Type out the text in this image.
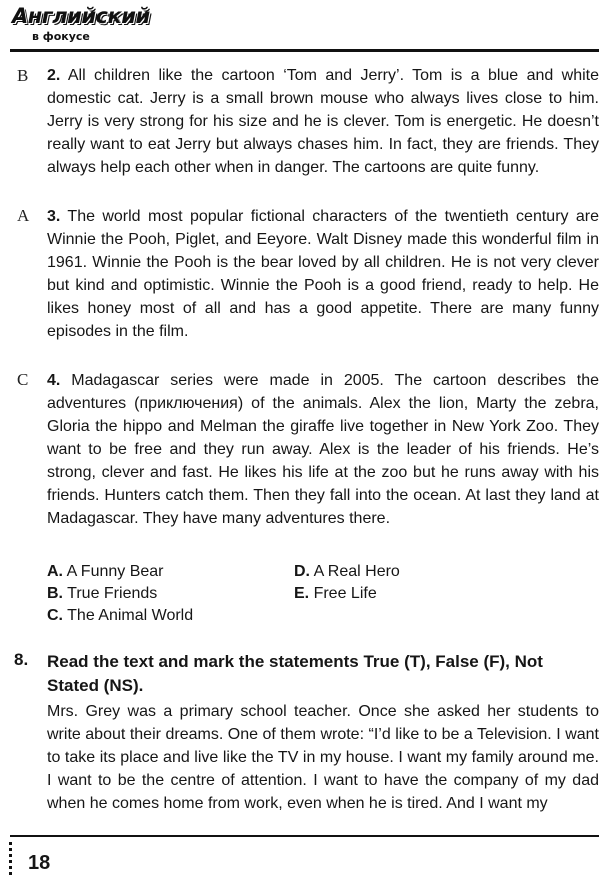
Английский
в фокусе
B 2. All children like the cartoon ‘Tom and Jerry’. Tom is a blue and white domestic cat. Jerry is a small brown mouse who always lives close to him. Jerry is very strong for his size and he is clever. Tom is energetic. He doesn’t really want to eat Jerry but always chases him. In fact, they are friends. They always help each other when in danger. The cartoons are quite funny.
A 3. The world most popular fictional characters of the twentieth century are Winnie the Pooh, Piglet, and Eeyore. Walt Disney made this wonderful film in 1961. Winnie the Pooh is the bear loved by all children. He is not very clever but kind and optimistic. Winnie the Pooh is a good friend, ready to help. He likes honey most of all and has a good appetite. There are many funny episodes in the film.
C 4. Madagascar series were made in 2005. The cartoon describes the adventures (приключения) of the animals. Alex the lion, Marty the zebra, Gloria the hippo and Melman the giraffe live together in New York Zoo. They want to be free and they run away. Alex is the leader of his friends. He’s strong, clever and fast. He likes his life at the zoo but he runs away with his friends. Hunters catch them. Then they fall into the ocean. At last they land at Madagascar. They have many adventures there.
A. A Funny Bear	D. A Real Hero
B. True Friends	E. Free Life
C. The Animal World
8. Read the text and mark the statements True (T), False (F), Not Stated (NS).
Mrs. Grey was a primary school teacher. Once she asked her students to write about their dreams. One of them wrote: “I’d like to be a Television. I want to take its place and live like the TV in my house. I want my family around me. I want to be the centre of attention. I want to have the company of my dad when he comes home from work, even when he is tired. And I want my
18
